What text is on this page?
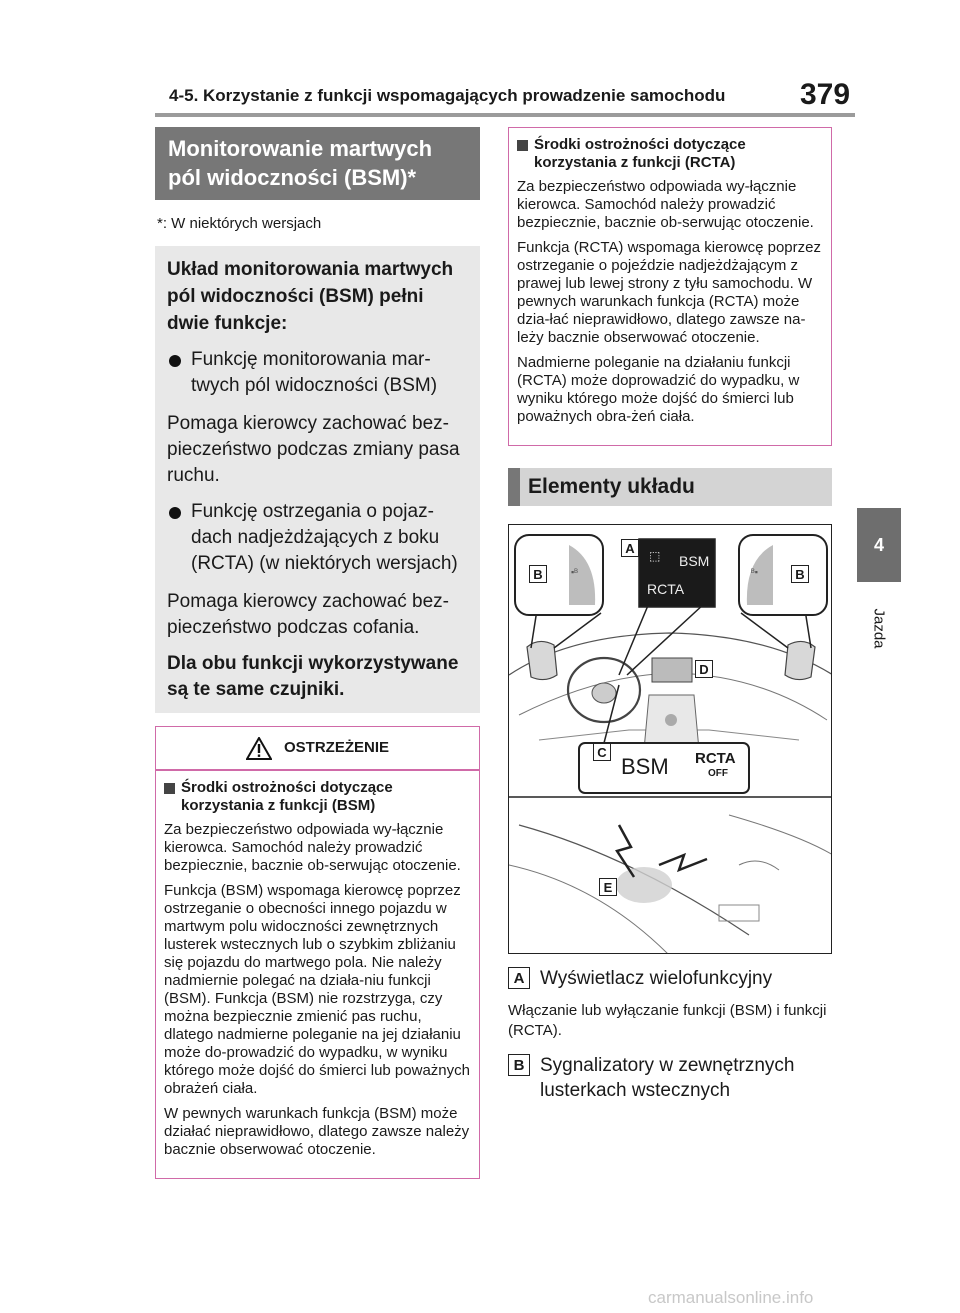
4-5. Korzystanie z funkcji wspomagających prowadzenie samochodu 379
4
Jazda
Monitorowanie martwych pól widoczności (BSM)*
*: W niektórych wersjach
Układ monitorowania martwych pól widoczności (BSM) pełni dwie funkcje:
Funkcję monitorowania mar-twych pól widoczności (BSM)
Pomaga kierowcy zachować bez-pieczeństwo podczas zmiany pasa ruchu.
Funkcję ostrzegania o pojaz-dach nadjeżdżających z boku (RCTA) (w niektórych wersjach)
Pomaga kierowcy zachować bez-pieczeństwo podczas cofania.
Dla obu funkcji wykorzystywane są te same czujniki.
OSTRZEŻENIE
Środki ostrożności dotyczące korzystania z funkcji (BSM)

Za bezpieczeństwo odpowiada wy-łącznie kierowca. Samochód należy prowadzić bezpiecznie, bacznie ob-serwując otoczenie.

Funkcja (BSM) wspomaga kierowcę poprzez ostrzeganie o obecności innego pojazdu w martwym polu widoczności zewnętrznych lusterek wstecznych lub o szybkim zbliżaniu się pojazdu do martwego pola. Nie należy nadmiernie polegać na działa-niu funkcji (BSM). Funkcja (BSM) nie rozstrzyga, czy można bezpiecznie zmienić pas ruchu, dlatego nadmierne poleganie na jej działaniu może do-prowadzić do wypadku, w wyniku którego może dojść do śmierci lub poważnych obrażeń ciała.

W pewnych warunkach funkcja (BSM) może działać nieprawidłowo, dlatego zawsze należy bacznie obserwować otoczenie.

Środki ostrożności dotyczące korzystania z funkcji (RCTA)

Za bezpieczeństwo odpowiada wy-łącznie kierowca. Samochód należy prowadzić bezpiecznie, bacznie ob-serwując otoczenie.

Funkcja (RCTA) wspomaga kierowcę poprzez ostrzeganie o pojeździe nadjeżdżającym z prawej lub lewej strony z tyłu samochodu. W pewnych warunkach funkcja (RCTA) może dzia-łać nieprawidłowo, dlatego zawsze na-leży bacznie obserwować otoczenie.

Nadmierne poleganie na działaniu funkcji (RCTA) może doprowadzić do wypadku, w wyniku którego może dojść do śmierci lub poważnych obra-żeń ciała.

Elementy układu
▪ᴮ	ᴮ▪
BSM
RCTA
⬚
BSM RCTA
OFF
A
B	B
C
D
E
A Wyświetlacz wielofunkcyjny
Włączanie lub wyłączanie funkcji (BSM) i funkcji (RCTA).
B Sygnalizatory w zewnętrznych lusterkach wstecznych
carmanualsonline.info
